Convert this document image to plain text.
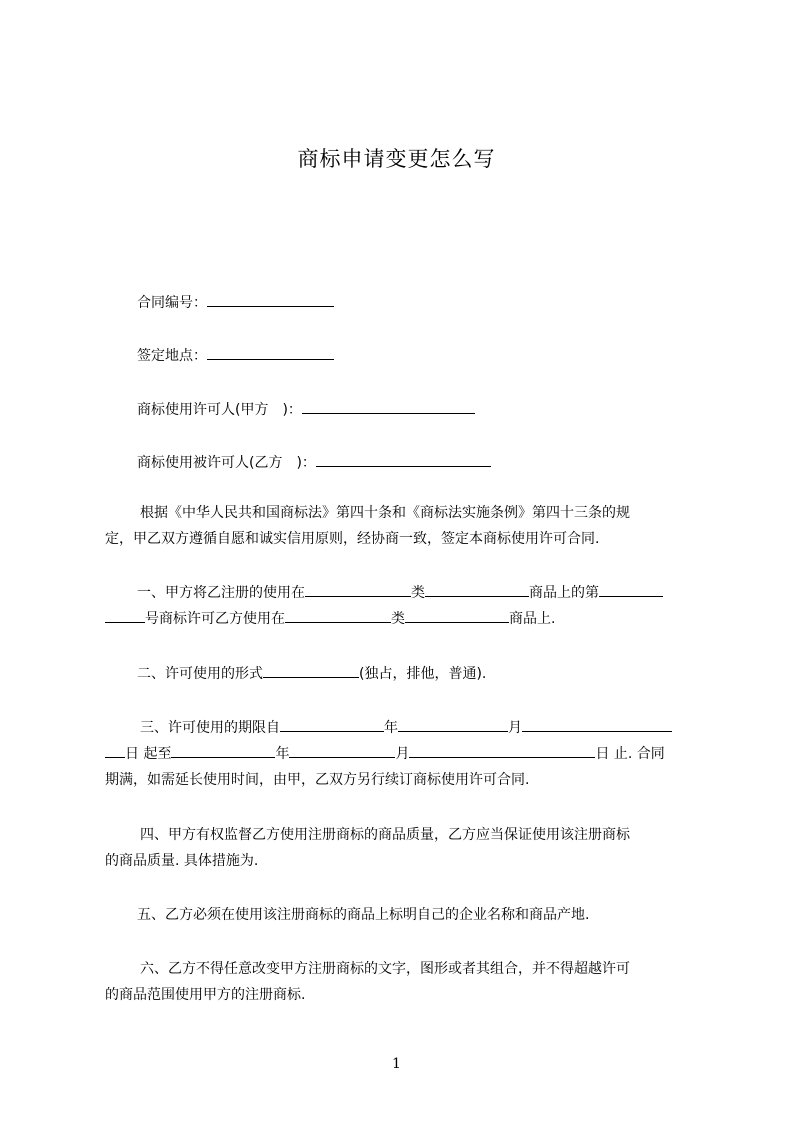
商标申请变更怎么写
合同编号：
签定地点：
商标使用许可人(甲方　)：
商标使用被许可人(乙方　)：
根据《中华人民共和国商标法》第四十条和《商标法实施条例》第四十三条的规
定，甲乙双方遵循自愿和诚实信用原则，经协商一致，签定本商标使用许可合同.
一、甲方将乙注册的使用在	类	商品上的第
号商标许可乙方使用在	类	商品上.
二、许可使用的形式	(独占，排他，普通).
三、许可使用的期限自	年	月
日 起至	年	月	日 止. 合同
期满，如需延长使用时间，由甲，乙双方另行续订商标使用许可合同.
四、甲方有权监督乙方使用注册商标的商品质量，乙方应当保证使用该注册商标
的商品质量. 具体措施为.
五、乙方必须在使用该注册商标的商品上标明自己的企业名称和商品产地.
六、乙方不得任意改变甲方注册商标的文字，图形或者其组合，并不得超越许可
的商品范围使用甲方的注册商标.
1
